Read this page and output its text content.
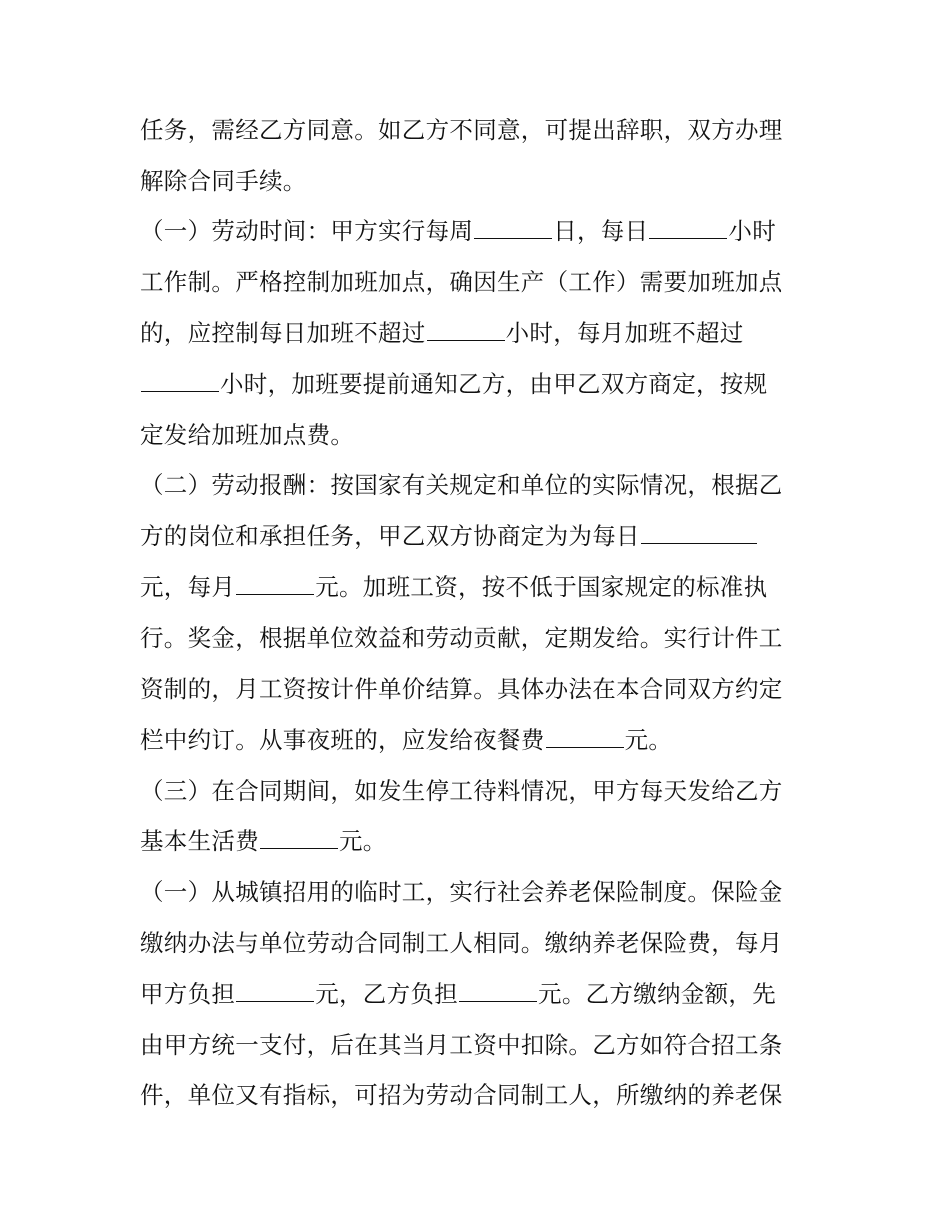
任务，需经乙方同意。如乙方不同意，可提出辞职，双方办理
解除合同手续。
（一）劳动时间：甲方实行每周	日，每日	小时
工作制。严格控制加班加点，确因生产（工作）需要加班加点
的，应控制每日加班不超过	小时，每月加班不超过
小时，加班要提前通知乙方，由甲乙双方商定，按规
定发给加班加点费。
（二）劳动报酬：按国家有关规定和单位的实际情况，根据乙
方的岗位和承担任务，甲乙双方协商定为为每日
元，每月	元。加班工资，按不低于国家规定的标准执
行。奖金，根据单位效益和劳动贡献，定期发给。实行计件工
资制的，月工资按计件单价结算。具体办法在本合同双方约定
栏中约订。从事夜班的，应发给夜餐费	元。
（三）在合同期间，如发生停工待料情况，甲方每天发给乙方
基本生活费	元。
（一）从城镇招用的临时工，实行社会养老保险制度。保险金
缴纳办法与单位劳动合同制工人相同。缴纳养老保险费，每月
甲方负担	元，乙方负担	元。乙方缴纳金额，先
由甲方统一支付，后在其当月工资中扣除。乙方如符合招工条
件，单位又有指标，可招为劳动合同制工人，所缴纳的养老保
